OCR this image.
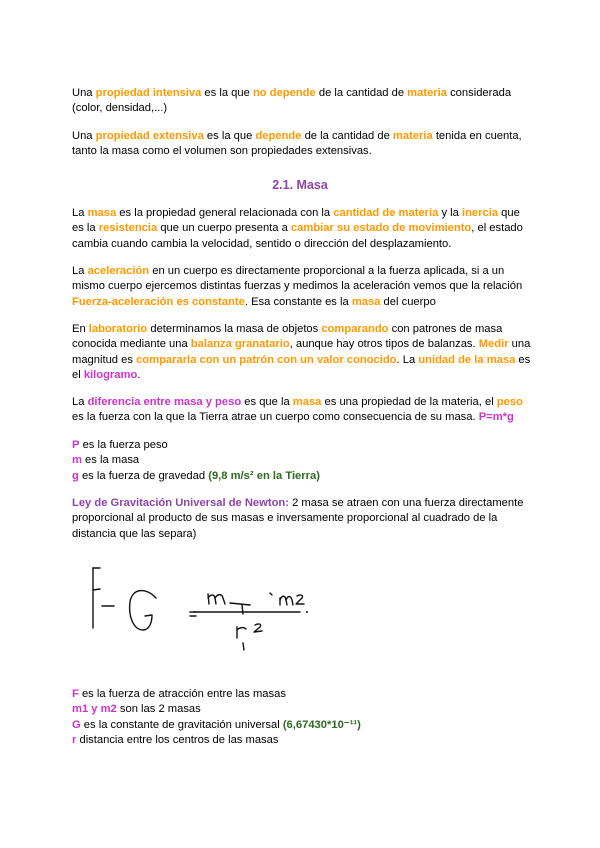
Una propiedad intensiva es la que no depende de la cantidad de materia considerada (color, densidad,...)
Una propiedad extensiva es la que depende de la cantidad de materia tenida en cuenta, tanto la masa como el volumen son propiedades extensivas.
2.1. Masa
La masa es la propiedad general relacionada con la cantidad de materia y la inercia que es la resistencia que un cuerpo presenta a cambiar su estado de movimiento, el estado cambia cuando cambia la velocidad, sentido o dirección del desplazamiento.
La aceleración en un cuerpo es directamente proporcional a la fuerza aplicada, si a un mismo cuerpo ejercemos distintas fuerzas y medimos la aceleración vemos que la relación Fuerza-aceleración es constante. Esa constante es la masa del cuerpo
En laboratorio determinamos la masa de objetos comparando con patrones de masa conocida mediante una balanza granatario, aunque hay otros tipos de balanzas. Medir una magnitud es compararla con un patrón con un valor conocido. La unidad de la masa es el kilogramo.
La diferencia entre masa y peso es que la masa es una propiedad de la materia, el peso es la fuerza con la que la Tierra atrae un cuerpo como consecuencia de su masa. P=m*g
P es la fuerza peso
m es la masa
g es la fuerza de gravedad (9,8 m/s² en la Tierra)
Ley de Gravitación Universal de Newton: 2 masa se atraen con una fuerza directamente proporcional al producto de sus masas e inversamente proporcional al cuadrado de la distancia que las separa)
F es la fuerza de atracción entre las masas
m1 y m2 son las 2 masas
G es la constante de gravitación universal (6,67430*10⁻¹¹)
r distancia entre los centros de las masas
